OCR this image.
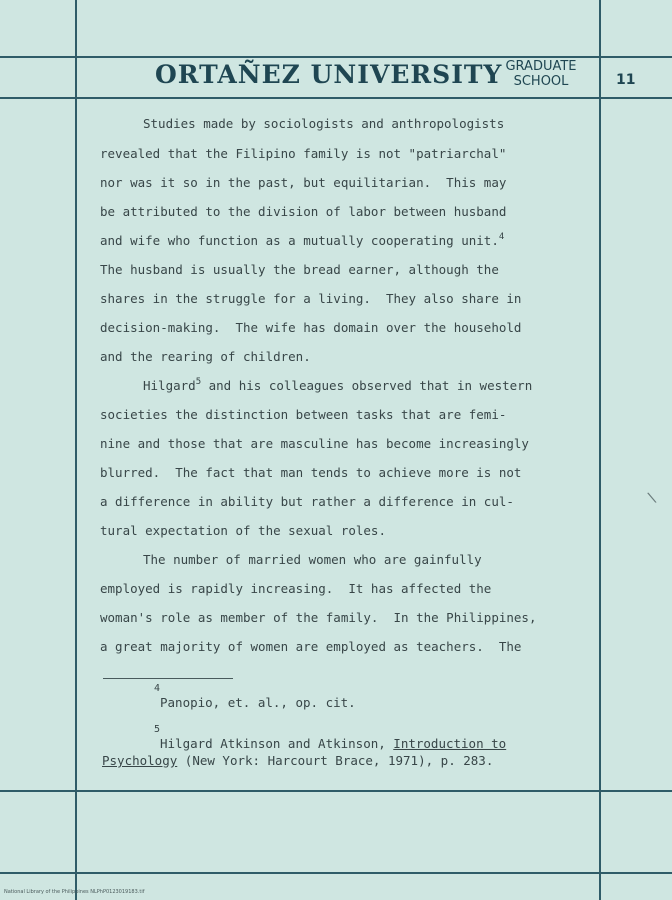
ORTAÑEZ UNIVERSITY GRADUATE
SCHOOL	11
Studies made by sociologists and anthropologists
revealed that the Filipino family is not "patriarchal"
nor was it so in the past, but equilitarian.  This may
be attributed to the division of labor between husband
and wife who function as a mutually cooperating unit.$^4$
The husband is usually the bread earner, although the
shares in the struggle for a living.  They also share in
decision-making.  The wife has domain over the household
and the rearing of children.
Hilgard$^5$ and his colleagues observed that in western
societies the distinction between tasks that are femi-
nine and those that are masculine has become increasingly
blurred.  The fact that man tends to achieve more is not
a difference in ability but rather a difference in cul-
tural expectation of the sexual roles.
The number of married women who are gainfully
employed is rapidly increasing.  It has affected the
woman's role as member of the family.  In the Philippines,
a great majority of women are employed as teachers.  The
4
Panopio, et. al., op. cit.
5
Hilgard Atkinson and Atkinson, Introduction to
Psychology (New York: Harcourt Brace, 1971), p. 283.
\
National Library of the Philippines NLPhP0123019183.tif
